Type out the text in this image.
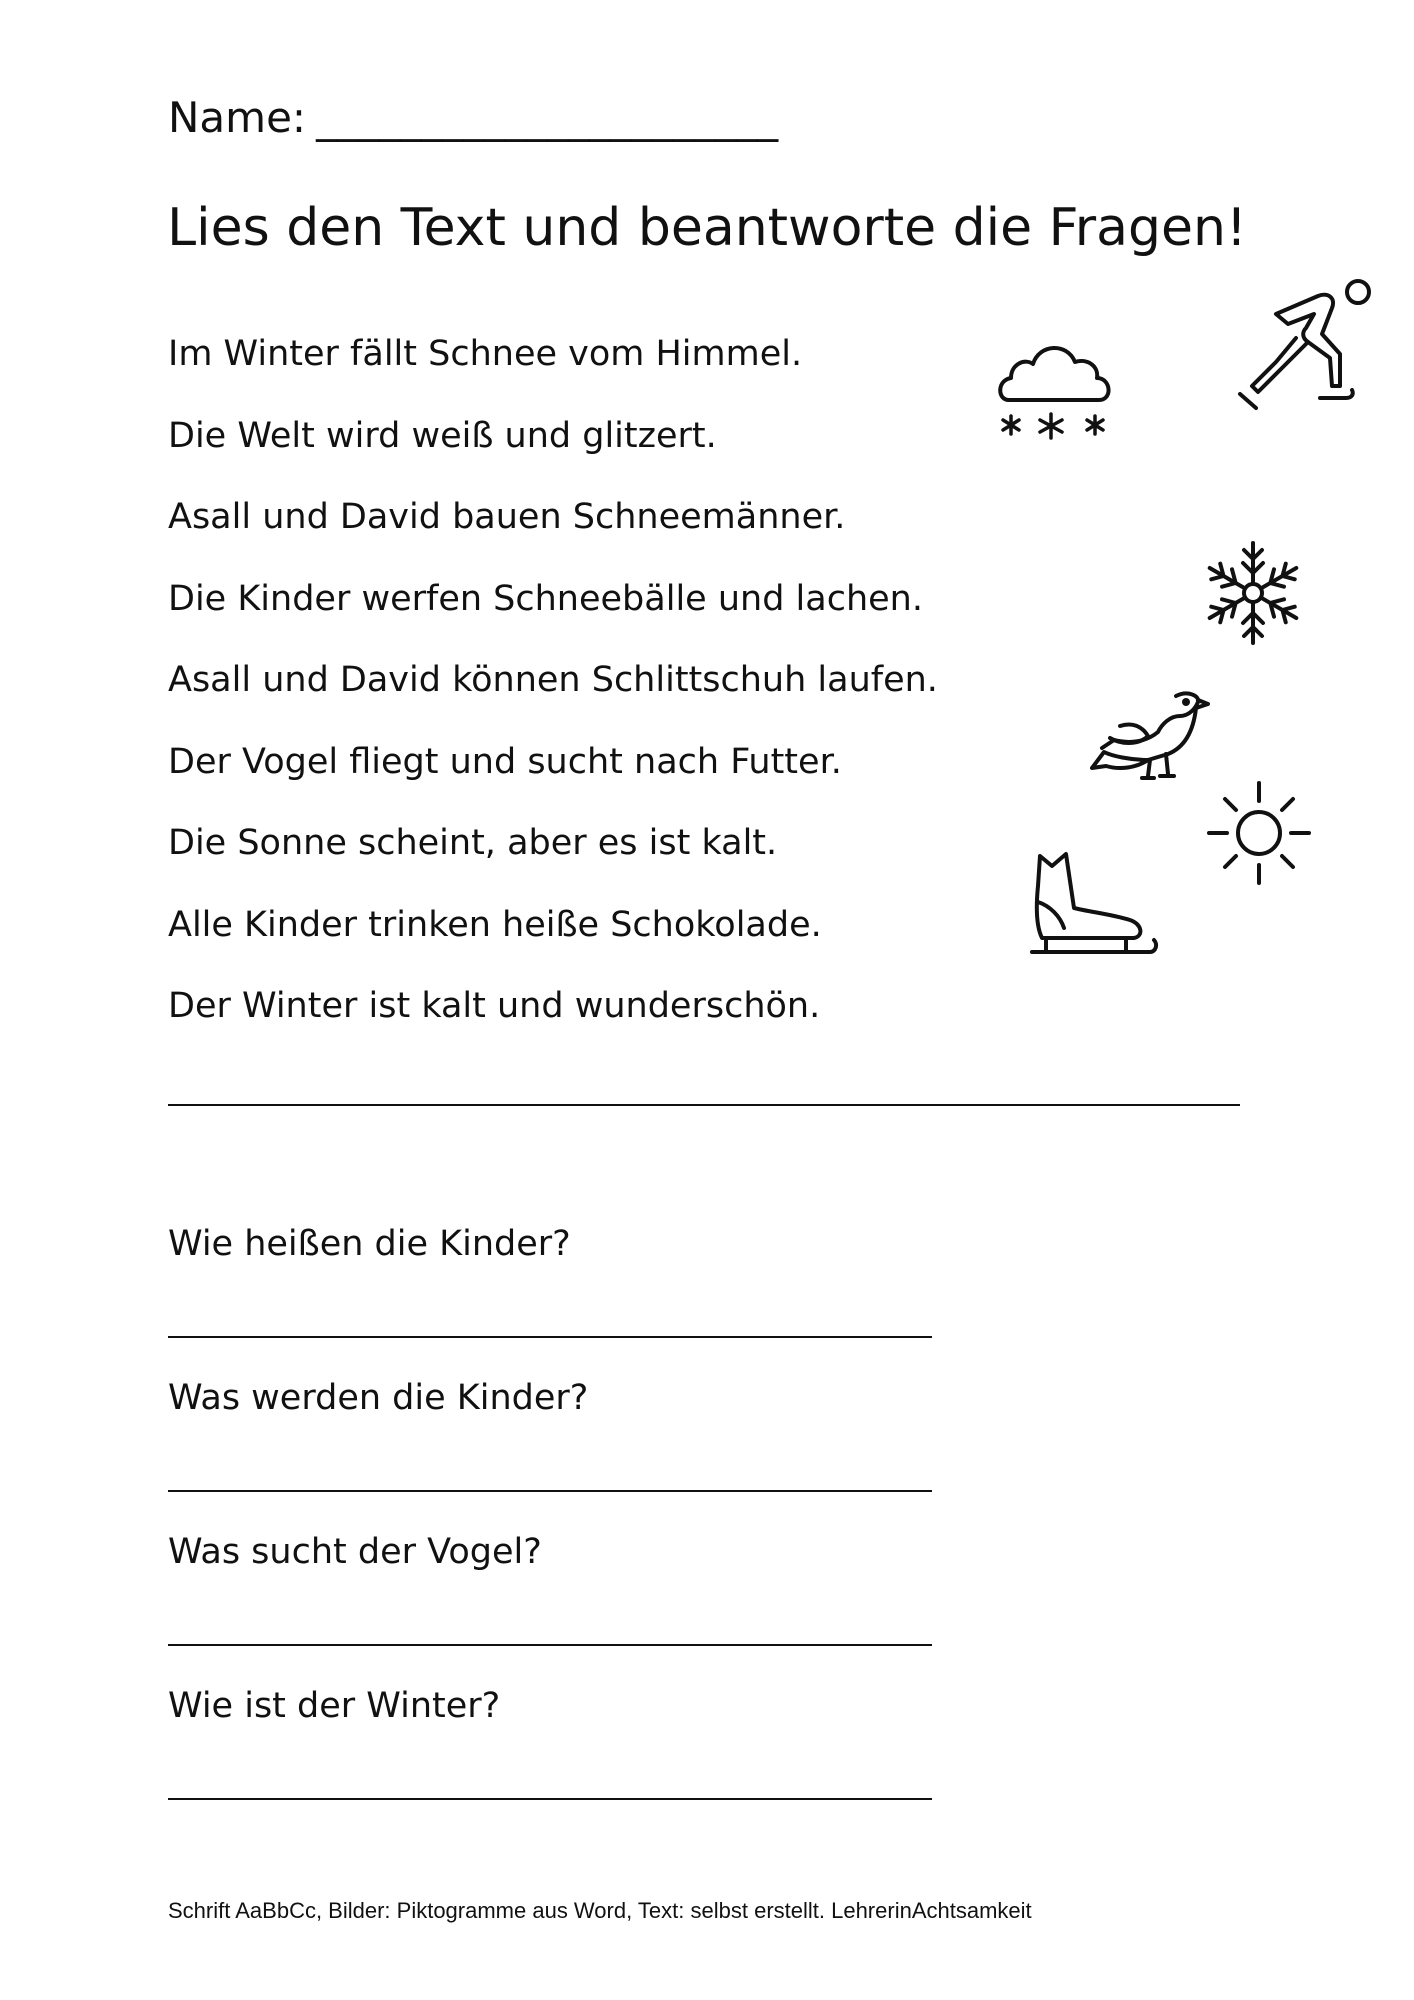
Name: ______________________
Lies den Text und beantworte die Fragen!
Im Winter fällt Schnee vom Himmel.
Die Welt wird weiß und glitzert.
Asall und David bauen Schneemänner.
Die Kinder werfen Schneebälle und lachen.
Asall und David können Schlittschuh laufen.
Der Vogel fliegt und sucht nach Futter.
Die Sonne scheint, aber es ist kalt.
Alle Kinder trinken heiße Schokolade.
Der Winter ist kalt und wunderschön.
Wie heißen die Kinder?
Was werden die Kinder?
Was sucht der Vogel?
Wie ist der Winter?
Schrift AaBbCc, Bilder: Piktogramme aus Word, Text: selbst erstellt. LehrerinAchtsamkeit
